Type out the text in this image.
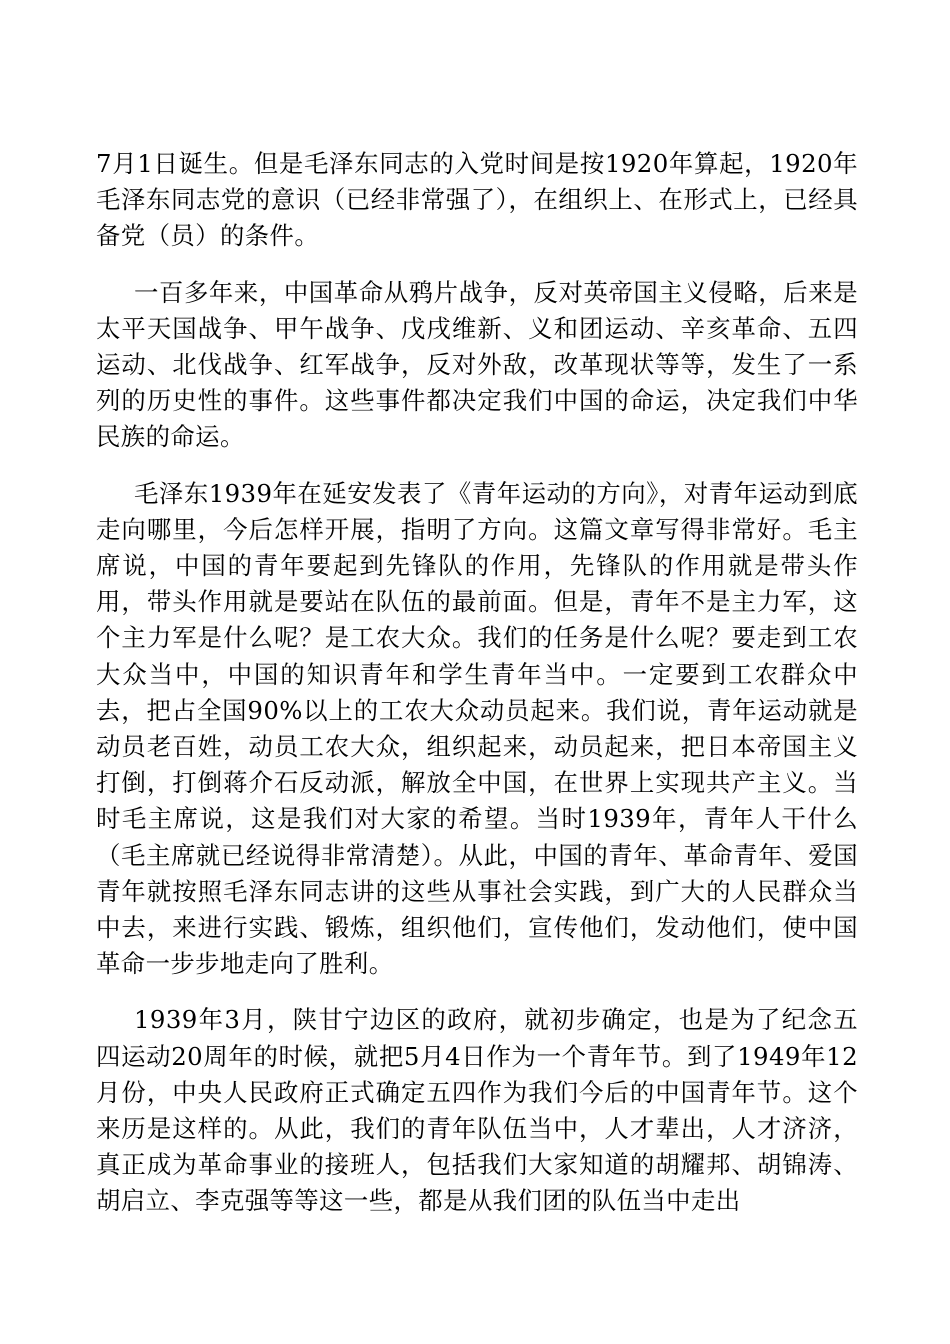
7月1日诞生。但是毛泽东同志的入党时间是按1920年算起，1920年毛泽东同志党的意识（已经非常强了），在组织上、在形式上，已经具备党（员）的条件。

一百多年来，中国革命从鸦片战争，反对英帝国主义侵略，后来是太平天国战争、甲午战争、戊戌维新、义和团运动、辛亥革命、五四运动、北伐战争、红军战争，反对外敌，改革现状等等，发生了一系列的历史性的事件。这些事件都决定我们中国的命运，决定我们中华民族的命运。

毛泽东1939年在延安发表了《青年运动的方向》，对青年运动到底走向哪里，今后怎样开展，指明了方向。这篇文章写得非常好。毛主席说，中国的青年要起到先锋队的作用，先锋队的作用就是带头作用，带头作用就是要站在队伍的最前面。但是，青年不是主力军，这个主力军是什么呢？是工农大众。我们的任务是什么呢？要走到工农大众当中，中国的知识青年和学生青年当中。一定要到工农群众中去，把占全国90%以上的工农大众动员起来。我们说，青年运动就是动员老百姓，动员工农大众，组织起来，动员起来，把日本帝国主义打倒，打倒蒋介石反动派，解放全中国，在世界上实现共产主义。当时毛主席说，这是我们对大家的希望。当时1939年，青年人干什么（毛主席就已经说得非常清楚）。从此，中国的青年、革命青年、爱国青年就按照毛泽东同志讲的这些从事社会实践，到广大的人民群众当中去，来进行实践、锻炼，组织他们，宣传他们，发动他们，使中国革命一步步地走向了胜利。

1939年3月，陕甘宁边区的政府，就初步确定，也是为了纪念五四运动20周年的时候，就把5月4日作为一个青年节。到了1949年12月份，中央人民政府正式确定五四作为我们今后的中国青年节。这个来历是这样的。从此，我们的青年队伍当中，人才辈出，人才济济，真正成为革命事业的接班人，包括我们大家知道的胡耀邦、胡锦涛、胡启立、李克强等等这一些，都是从我们团的队伍当中走出
